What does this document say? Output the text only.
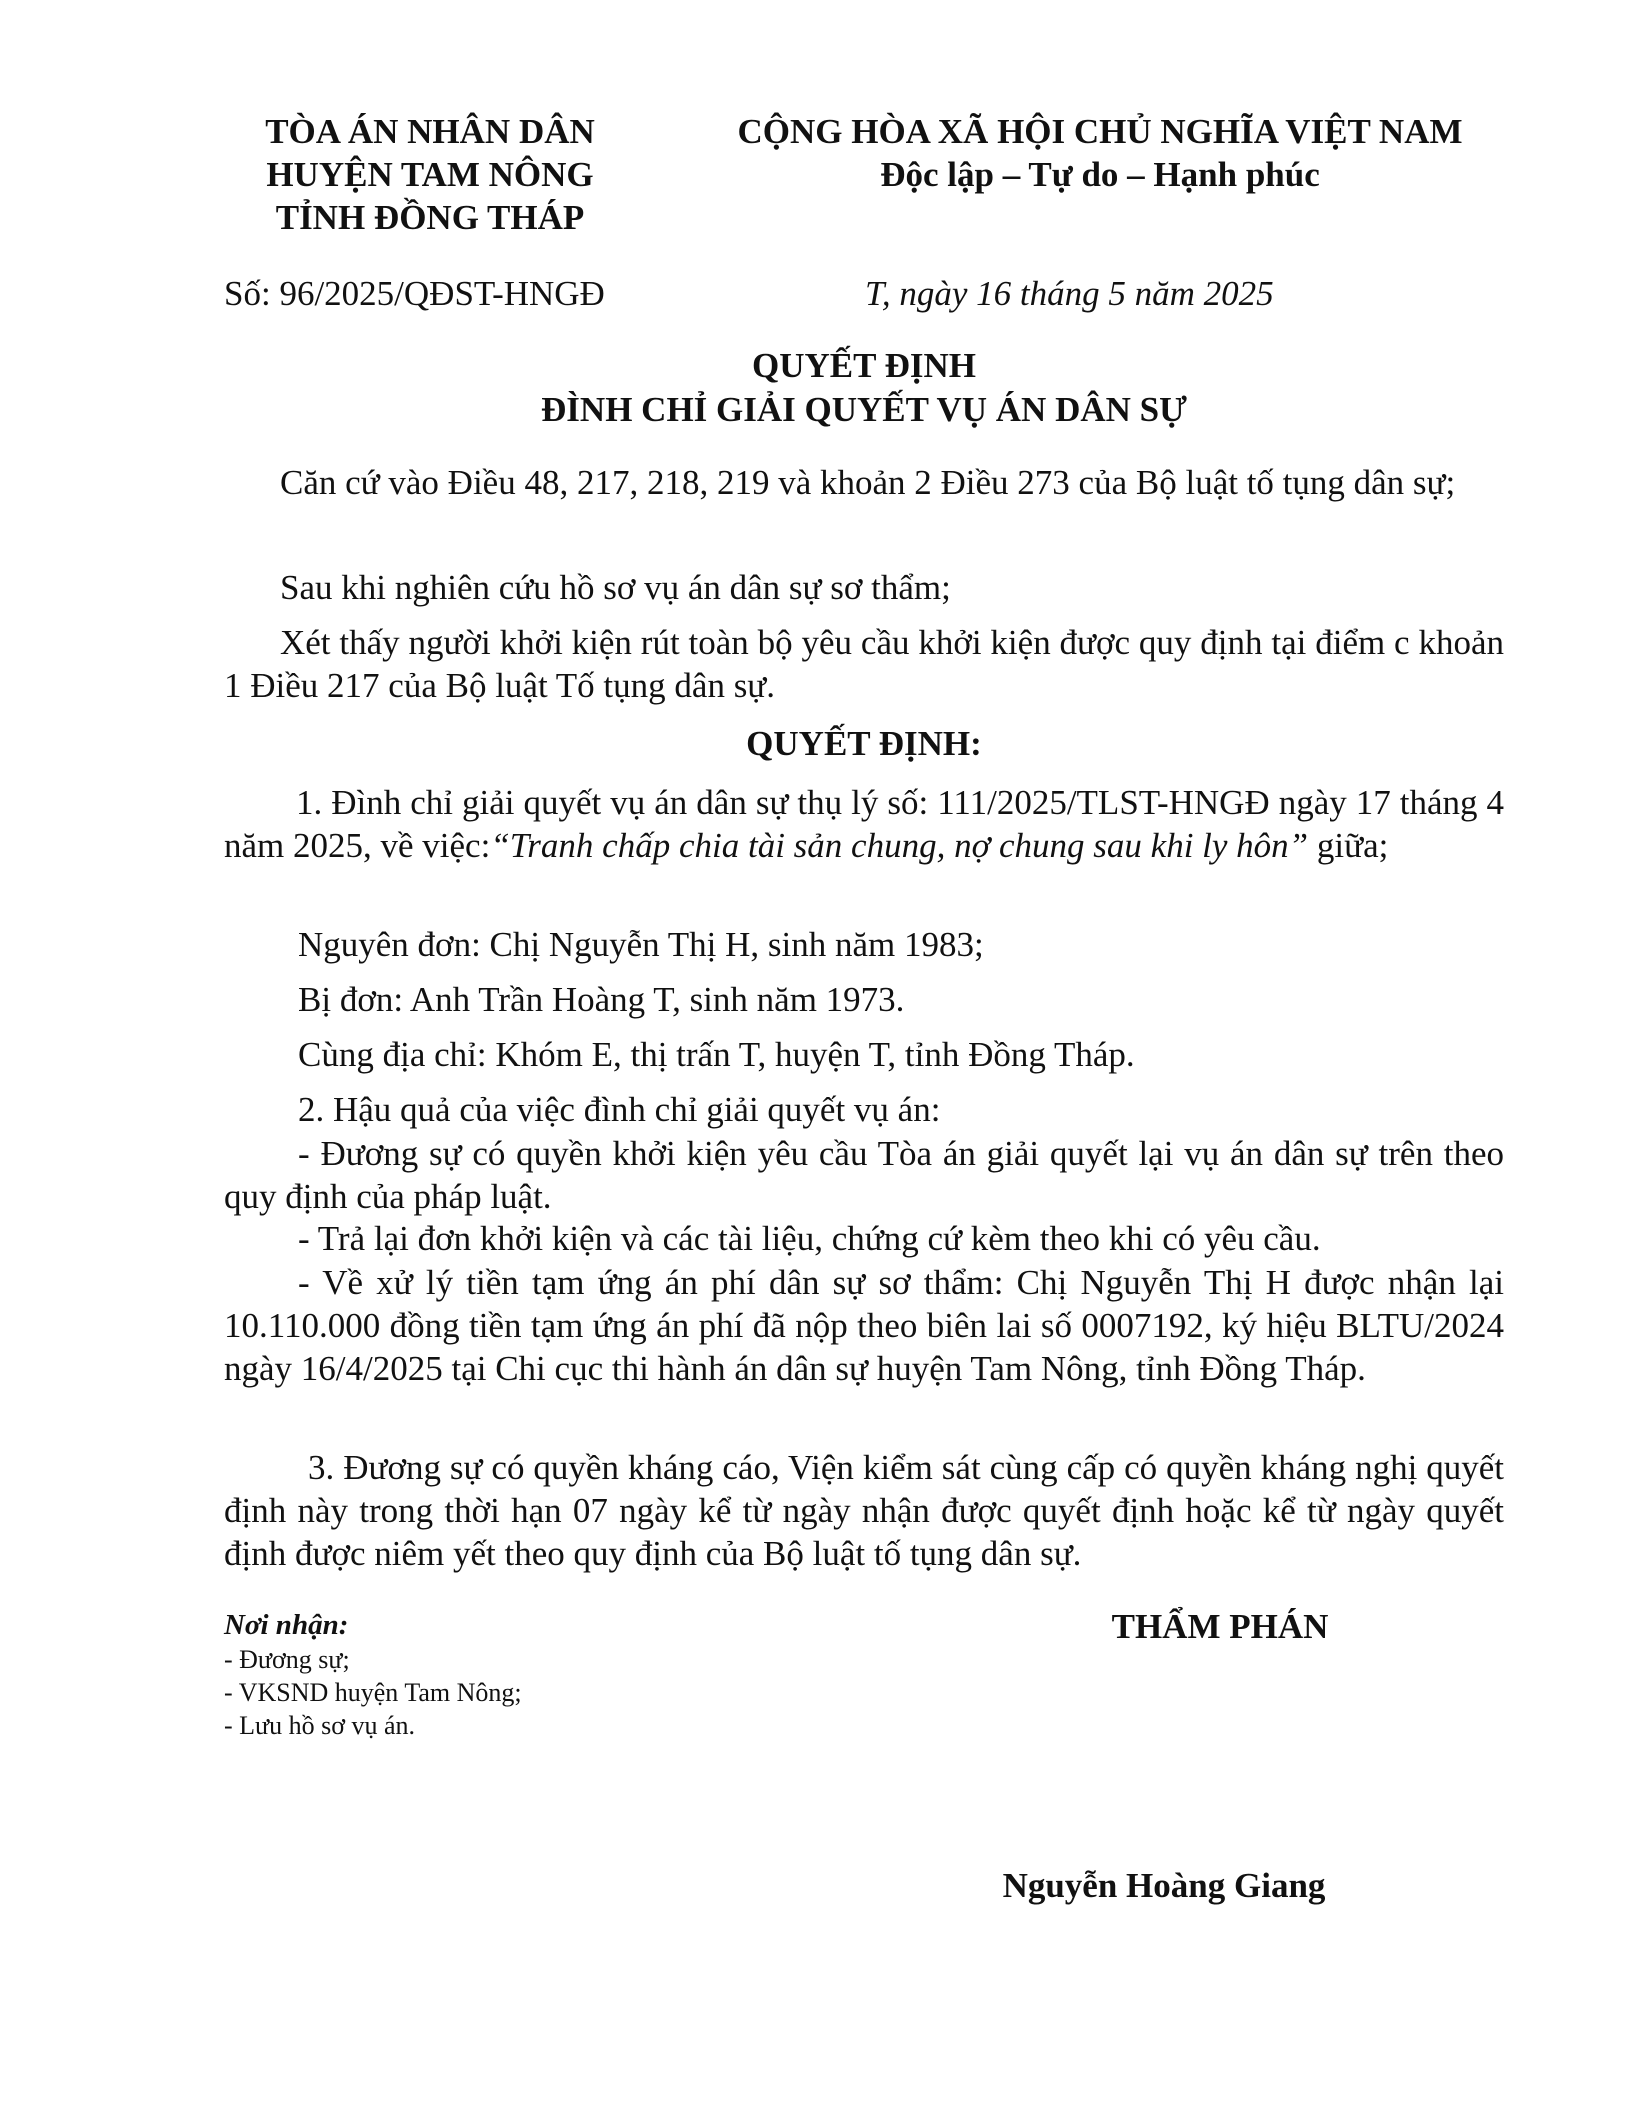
TÒA ÁN NHÂN DÂN
HUYỆN TAM NÔNG
TỈNH ĐỒNG THÁP
CỘNG HÒA XÃ HỘI CHỦ NGHĨA VIỆT NAM
Độc lập – Tự do – Hạnh phúc
Số: 96/2025/QĐST-HNGĐ	T, ngày 16 tháng 5 năm 2025
QUYẾT ĐỊNH
ĐÌNH CHỈ GIẢI QUYẾT VỤ ÁN DÂN SỰ
Căn cứ vào Điều 48, 217, 218, 219 và khoản 2 Điều 273 của Bộ luật tố tụng dân sự;
Sau khi nghiên cứu hồ sơ vụ án dân sự sơ thẩm;
Xét thấy người khởi kiện rút toàn bộ yêu cầu khởi kiện được quy định tại điểm c khoản 1 Điều 217 của Bộ luật Tố tụng dân sự.
QUYẾT ĐỊNH:
1. Đình chỉ giải quyết vụ án dân sự thụ lý số: 111/2025/TLST-HNGĐ ngày 17 tháng 4 năm 2025, về việc:“Tranh chấp chia tài sản chung, nợ chung sau khi ly hôn” giữa;
Nguyên đơn: Chị Nguyễn Thị H, sinh năm 1983;
Bị đơn: Anh Trần Hoàng T, sinh năm 1973.
Cùng địa chỉ: Khóm E, thị trấn T, huyện T, tỉnh Đồng Tháp.
2. Hậu quả của việc đình chỉ giải quyết vụ án:
- Đương sự có quyền khởi kiện yêu cầu Tòa án giải quyết lại vụ án dân sự trên theo quy định của pháp luật.
- Trả lại đơn khởi kiện và các tài liệu, chứng cứ kèm theo khi có yêu cầu.
- Về xử lý tiền tạm ứng án phí dân sự sơ thẩm: Chị Nguyễn Thị H được nhận lại 10.110.000 đồng tiền tạm ứng án phí đã nộp theo biên lai số 0007192, ký hiệu BLTU/2024 ngày 16/4/2025 tại Chi cục thi hành án dân sự huyện Tam Nông, tỉnh Đồng Tháp.
3. Đương sự có quyền kháng cáo, Viện kiểm sát cùng cấp có quyền kháng nghị quyết định này trong thời hạn 07 ngày kể từ ngày nhận được quyết định hoặc kể từ ngày quyết định được niêm yết theo quy định của Bộ luật tố tụng dân sự.
Nơi nhận:
- Đương sự;
- VKSND huyện Tam Nông;
- Lưu hồ sơ vụ án.
THẨM PHÁN
Nguyễn Hoàng Giang
